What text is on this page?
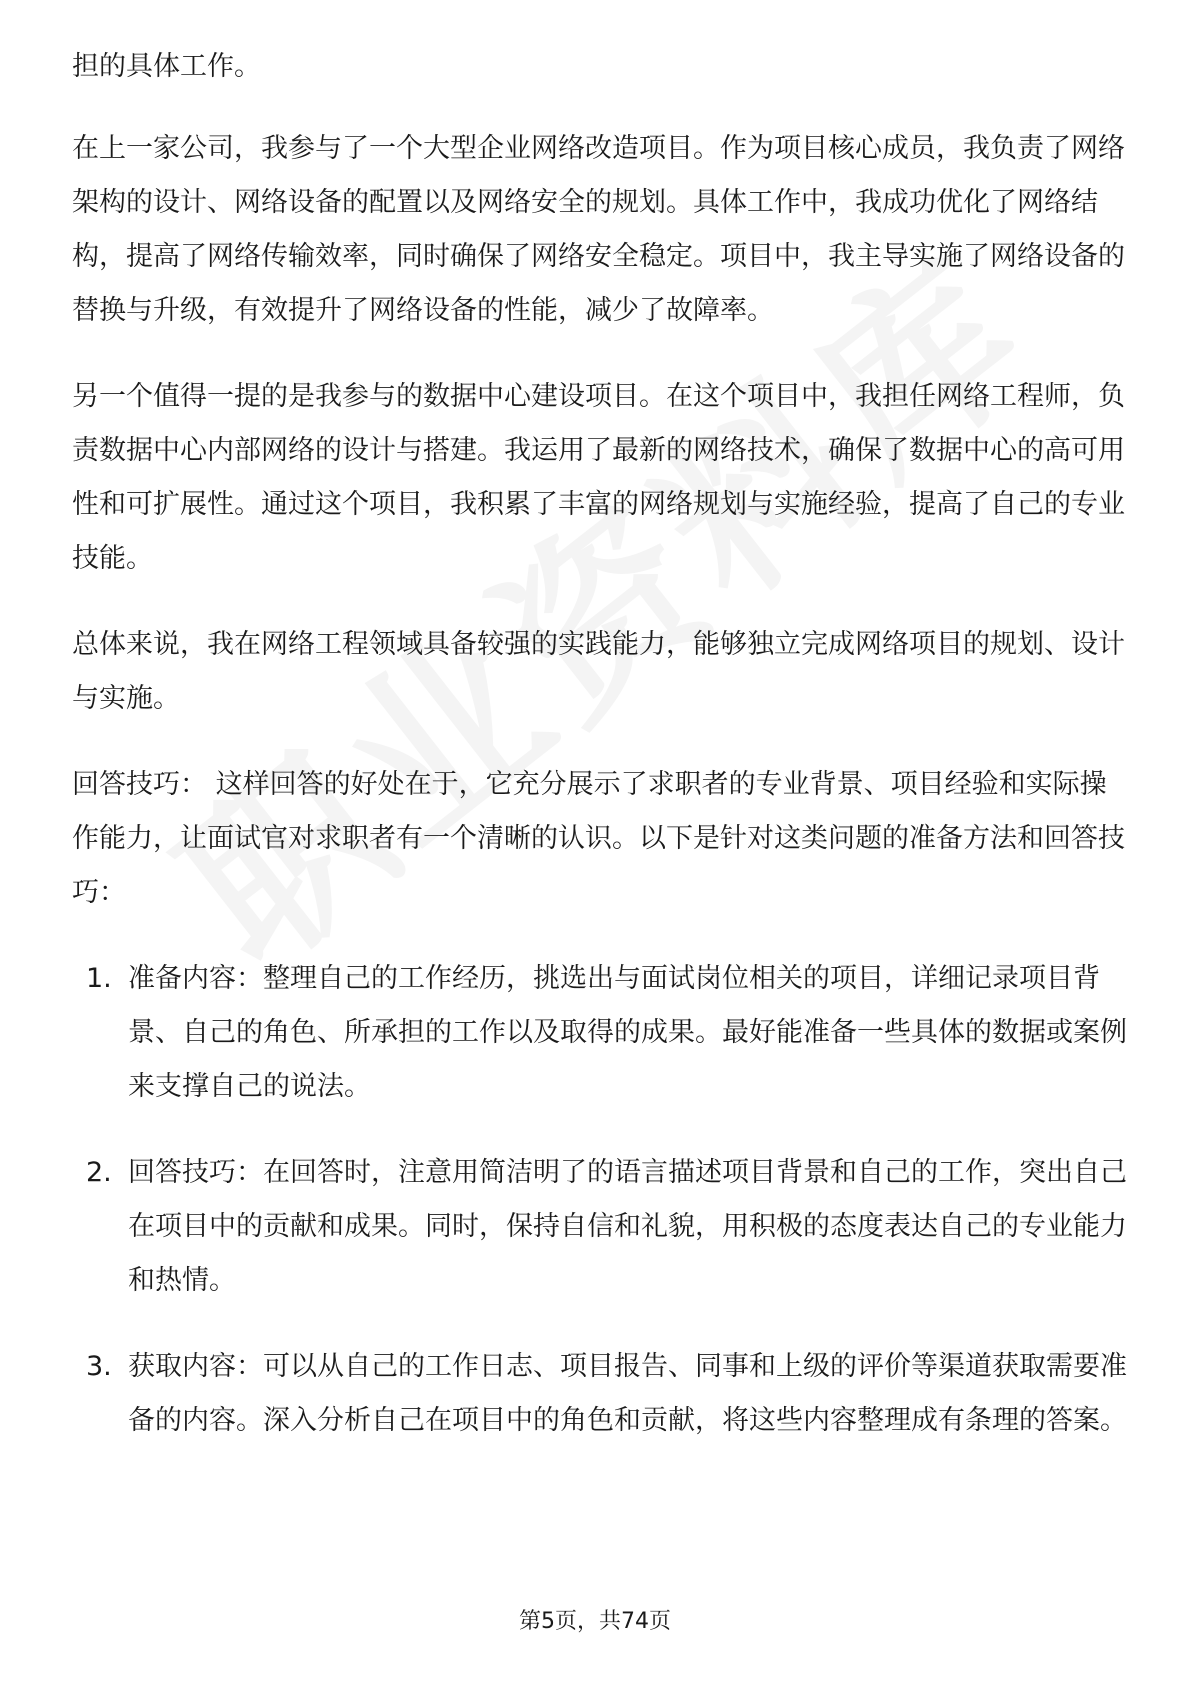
担的具体工作。

在上一家公司，我参与了一个大型企业网络改造项目。作为项目核心成员，我负责了网络架构的设计、网络设备的配置以及网络安全的规划。具体工作中，我成功优化了网络结构，提高了网络传输效率，同时确保了网络安全稳定。项目中，我主导实施了网络设备的替换与升级，有效提升了网络设备的性能，减少了故障率。

另一个值得一提的是我参与的数据中心建设项目。在这个项目中，我担任网络工程师，负责数据中心内部网络的设计与搭建。我运用了最新的网络技术，确保了数据中心的高可用性和可扩展性。通过这个项目，我积累了丰富的网络规划与实施经验，提高了自己的专业技能。

总体来说，我在网络工程领域具备较强的实践能力，能够独立完成网络项目的规划、设计与实施。

回答技巧： 这样回答的好处在于，它充分展示了求职者的专业背景、项目经验和实际操作能力，让面试官对求职者有一个清晰的认识。以下是针对这类问题的准备方法和回答技巧：

1. 准备内容：整理自己的工作经历，挑选出与面试岗位相关的项目，详细记录项目背景、自己的角色、所承担的工作以及取得的成果。最好能准备一些具体的数据或案例来支撑自己的说法。
2. 回答技巧：在回答时，注意用简洁明了的语言描述项目背景和自己的工作，突出自己在项目中的贡献和成果。同时，保持自信和礼貌，用积极的态度表达自己的专业能力和热情。
3. 获取内容：可以从自己的工作日志、项目报告、同事和上级的评价等渠道获取需要准备的内容。深入分析自己在项目中的角色和贡献，将这些内容整理成有条理的答案。
第5页，共74页
